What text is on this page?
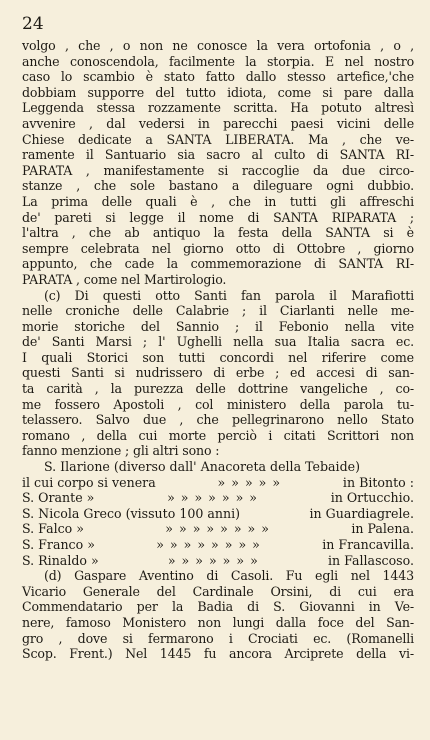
24
volgo , che , o non ne conosce la vera ortofonia , o ,
anche conoscendola, facilmente la storpia. E nel nostro
caso lo scambio è stato fatto dallo stesso artefice,'che
dobbiam supporre del tutto idiota, come si pare dalla
Leggenda stessa rozzamente scritta. Ha potuto altresì
avvenire , dal vedersi in parecchi paesi vicini delle
Chiese dedicate a SANTA LIBERATA. Ma , che ve-
ramente il Santuario sia sacro al culto di SANTA RI-
PARATA , manifestamente si raccoglie da due circo-
stanze , che sole bastano a dileguare ogni dubbio.
La prima delle quali è , che in tutti gli affreschi
de' pareti si legge il nome di SANTA RIPARATA ;
l'altra , che ab antiquo la festa della SANTA si è
sempre celebrata nel giorno otto di Ottobre , giorno
appunto, che cade la commemorazione di SANTA RI-
PARATA , come nel Martirologio.
(c) Di questi otto Santi fan parola il Marafiotti
nelle croniche delle Calabrie ; il Ciarlanti nelle me-
morie storiche del Sannio ; il Febonio nella vite
de' Santi Marsi ; l' Ughelli nella sua Italia sacra ec.
I quali Storici son tutti concordi nel riferire come
questi Santi si nudrissero di erbe ; ed accesi di san-
ta carità , la purezza delle dottrine vangeliche , co-
me fossero Apostoli , col ministero della parola tu-
telassero. Salvo due , che pellegrinarono nello Stato
romano , della cui morte perciò i citati Scrittori non
fanno menzione ; gli altri sono :
S. Ilarione (diverso dall' Anacoreta della Tebaide)
il cui corpo si venera	» » » » »	in Bitonto :
S. Orante »	» » » » » » »	in Ortucchio.
S. Nicola Greco (vissuto 100 anni)	in Guardiagrele.
S. Falco »	» » » » » » » »	in Palena.
S. Franco »	» » » » » » » »	in Francavilla.
S. Rinaldo »	» » » » » » »	in Fallascoso.
(d) Gaspare Aventino di Casoli. Fu egli nel 1443
Vicario Generale del Cardinale Orsini, di cui era
Commendatario per la Badia di S. Giovanni in Ve-
nere, famoso Monistero non lungi dalla foce del San-
gro , dove si fermarono i Crociati ec. (Romanelli
Scop. Frent.) Nel 1445 fu ancora Arciprete della vi-
